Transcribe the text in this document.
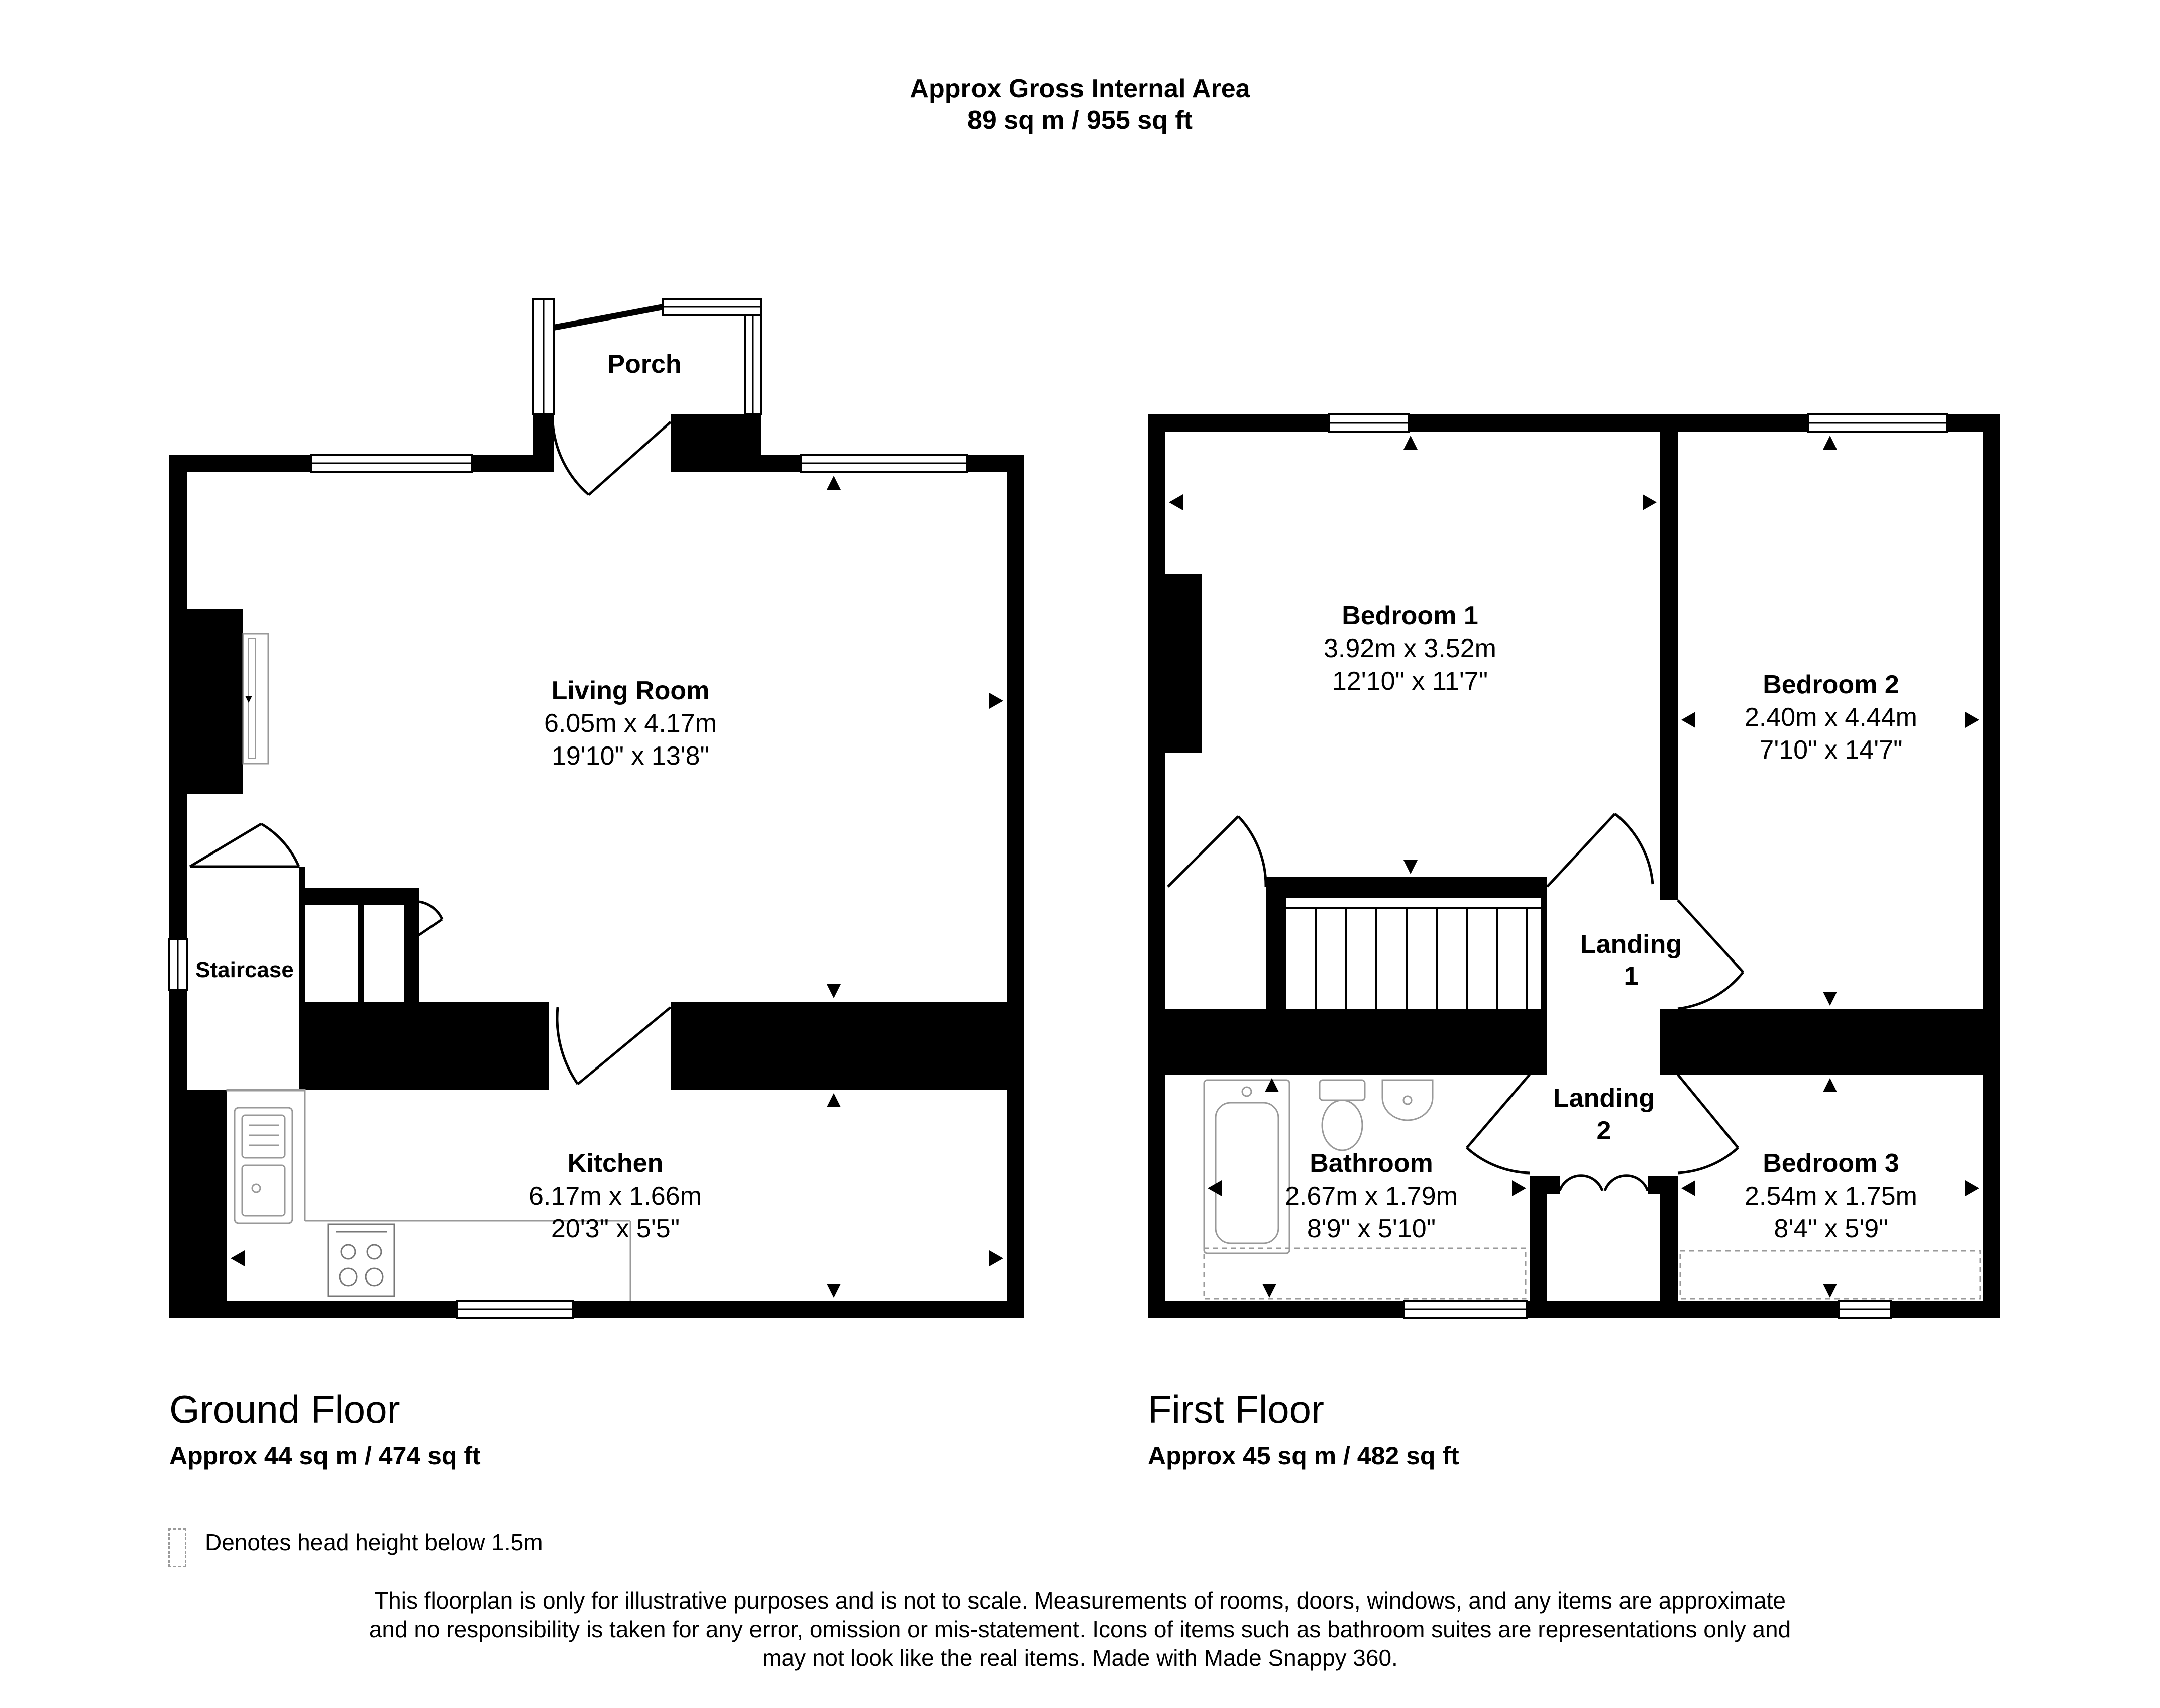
Approx Gross Internal Area
89 sq m / 955 sq ft
Porch
Living Room
6.05m x 4.17m
19'10" x 13'8"
Staircase
Kitchen
6.17m x 1.66m
20'3" x 5'5"
Bedroom 1
3.92m x 3.52m
12'10" x 11'7"	Bedroom 2
2.40m x 4.44m
7'10" x 14'7"
Landing
1
Landing
2
Bathroom
2.67m x 1.79m
8'9" x 5'10"
Bedroom 3
2.54m x 1.75m
8'4" x 5'9"
Ground Floor
Approx 44 sq m / 474 sq ft
First Floor
Approx 45 sq m / 482 sq ft
Denotes head height below 1.5m
This floorplan is only for illustrative purposes and is not to scale. Measurements of rooms, doors, windows, and any items are approximate
and no responsibility is taken for any error, omission or mis-statement. Icons of items such as bathroom suites are representations only and
may not look like the real items. Made with Made Snappy 360.
